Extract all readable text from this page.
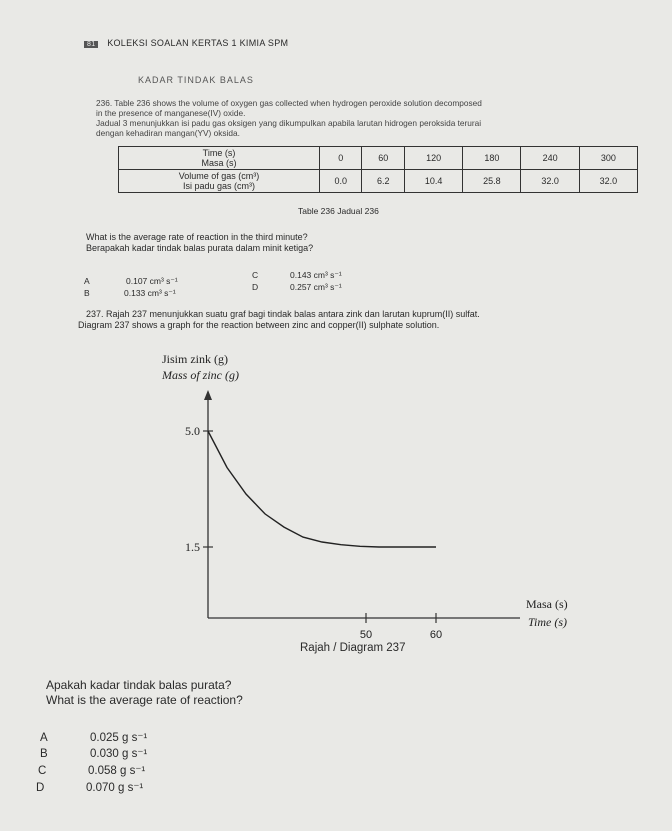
81 KOLEKSI SOALAN KERTAS 1 KIMIA SPM
KADAR TINDAK BALAS
236. Table 236 shows the volume of oxygen gas collected when hydrogen peroxide solution decomposed
in the presence of manganese(IV) oxide.
Jadual 3 menunjukkan isi padu gas oksigen yang dikumpulkan apabila larutan hidrogen peroksida terurai
dengan kehadiran mangan(YV) oksida.
Time (s)
Masa (s)	0	60	120	180	240	300

Volume of gas (cm³)
Isi padu gas (cm³)	0.0	6.2	10.4	25.8	32.0	32.0
Table 236 Jadual 236
What is the average rate of reaction in the third minute?
Berapakah kadar tindak balas purata dalam minit ketiga?
A	0.107 cm³ s⁻¹
B	0.133 cm³ s⁻¹
C	0.143 cm³ s⁻¹
D	0.257 cm³ s⁻¹
237. Rajah 237 menunjukkan suatu graf bagi tindak balas antara zink dan larutan kuprum(II) sulfat.
Diagram 237 shows a graph for the reaction between zinc and copper(II) sulphate solution.
Jisim zink (g)
Mass of zinc (g)
Masa (s)
Time (s)
5.0
1.5
50	60
Rajah / Diagram 237
Apakah kadar tindak balas purata?
What is the average rate of reaction?
A	0.025 g s⁻¹
B	0.030 g s⁻¹
C	0.058 g s⁻¹
D	0.070 g s⁻¹
